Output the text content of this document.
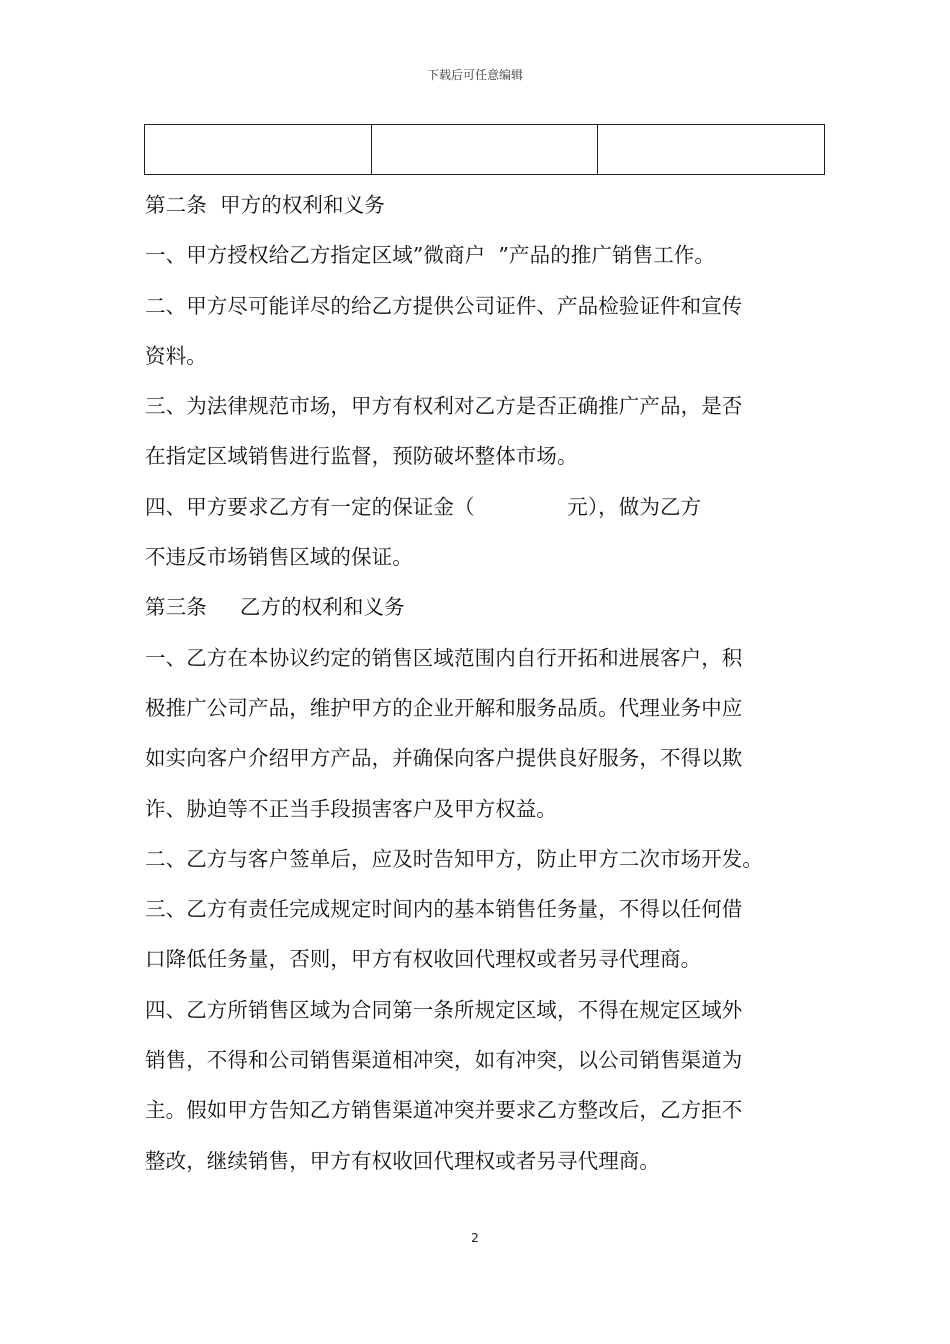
下载后可任意编辑

第二条  甲方的权利和义务
一、甲方授权给乙方指定区域”微商户  ”产品的推广销售工作。
二、甲方尽可能详尽的给乙方提供公司证件、产品检验证件和宣传
资料。
三、为法律规范市场，甲方有权利对乙方是否正确推广产品，是否
在指定区域销售进行监督，预防破坏整体市场。
四、甲方要求乙方有一定的保证金（              元），做为乙方
不违反市场销售区域的保证。
第三条     乙方的权利和义务
一、乙方在本协议约定的销售区域范围内自行开拓和进展客户，积
极推广公司产品，维护甲方的企业开解和服务品质。代理业务中应
如实向客户介绍甲方产品，并确保向客户提供良好服务，不得以欺
诈、胁迫等不正当手段损害客户及甲方权益。
二、乙方与客户签单后，应及时告知甲方，防止甲方二次市场开发。
三、乙方有责任完成规定时间内的基本销售任务量，不得以任何借
口降低任务量，否则，甲方有权收回代理权或者另寻代理商。
四、乙方所销售区域为合同第一条所规定区域，不得在规定区域外
销售，不得和公司销售渠道相冲突，如有冲突，以公司销售渠道为
主。假如甲方告知乙方销售渠道冲突并要求乙方整改后，乙方拒不
整改，继续销售，甲方有权收回代理权或者另寻代理商。
2
